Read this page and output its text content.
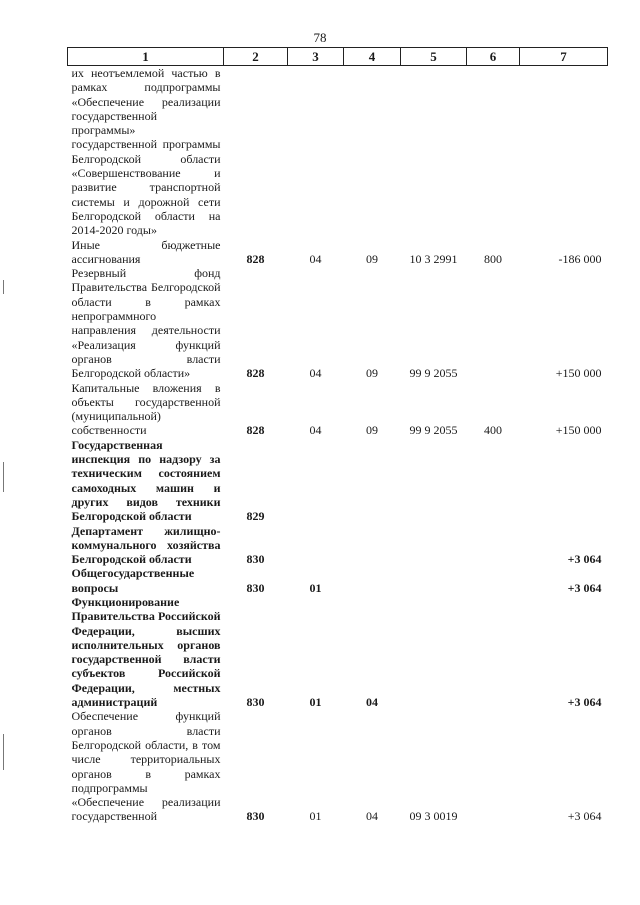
78
1	2	3	4	5	6	7

их неотъемлемой частью в рамках подпрограммы «Обеспечение реализации государственной программы» государственной программы Белгородской области «Совершенствование и развитие транспортной системы и дорожной сети Белгородской области на 2014-2020 годы»						

Иные бюджетные ассигнования	828	04	09	10 3 2991	800	-186 000

Резервный фонд Правительства Белгородской области в рамках непрограммного направления деятельности «Реализация функций органов власти Белгородской области»	828	04	09	99 9 2055		+150 000

Капитальные вложения в объекты государственной (муниципальной) собственности	828	04	09	99 9 2055	400	+150 000

Государственная инспекция по надзору за техническим состоянием самоходных машин и других видов техники Белгородской области	829					

Департамент жилищно-коммунального хозяйства Белгородской области	830					+3 064

Общегосударственные вопросы	830	01				+3 064

Функционирование Правительства Российской Федерации, высших исполнительных органов государственной власти субъектов Российской Федерации, местных администраций	830	01	04			+3 064

Обеспечение функций органов власти Белгородской области, в том числе территориальных органов в рамках подпрограммы «Обеспечение реализации государственной	830	01	04	09 3 0019		+3 064
